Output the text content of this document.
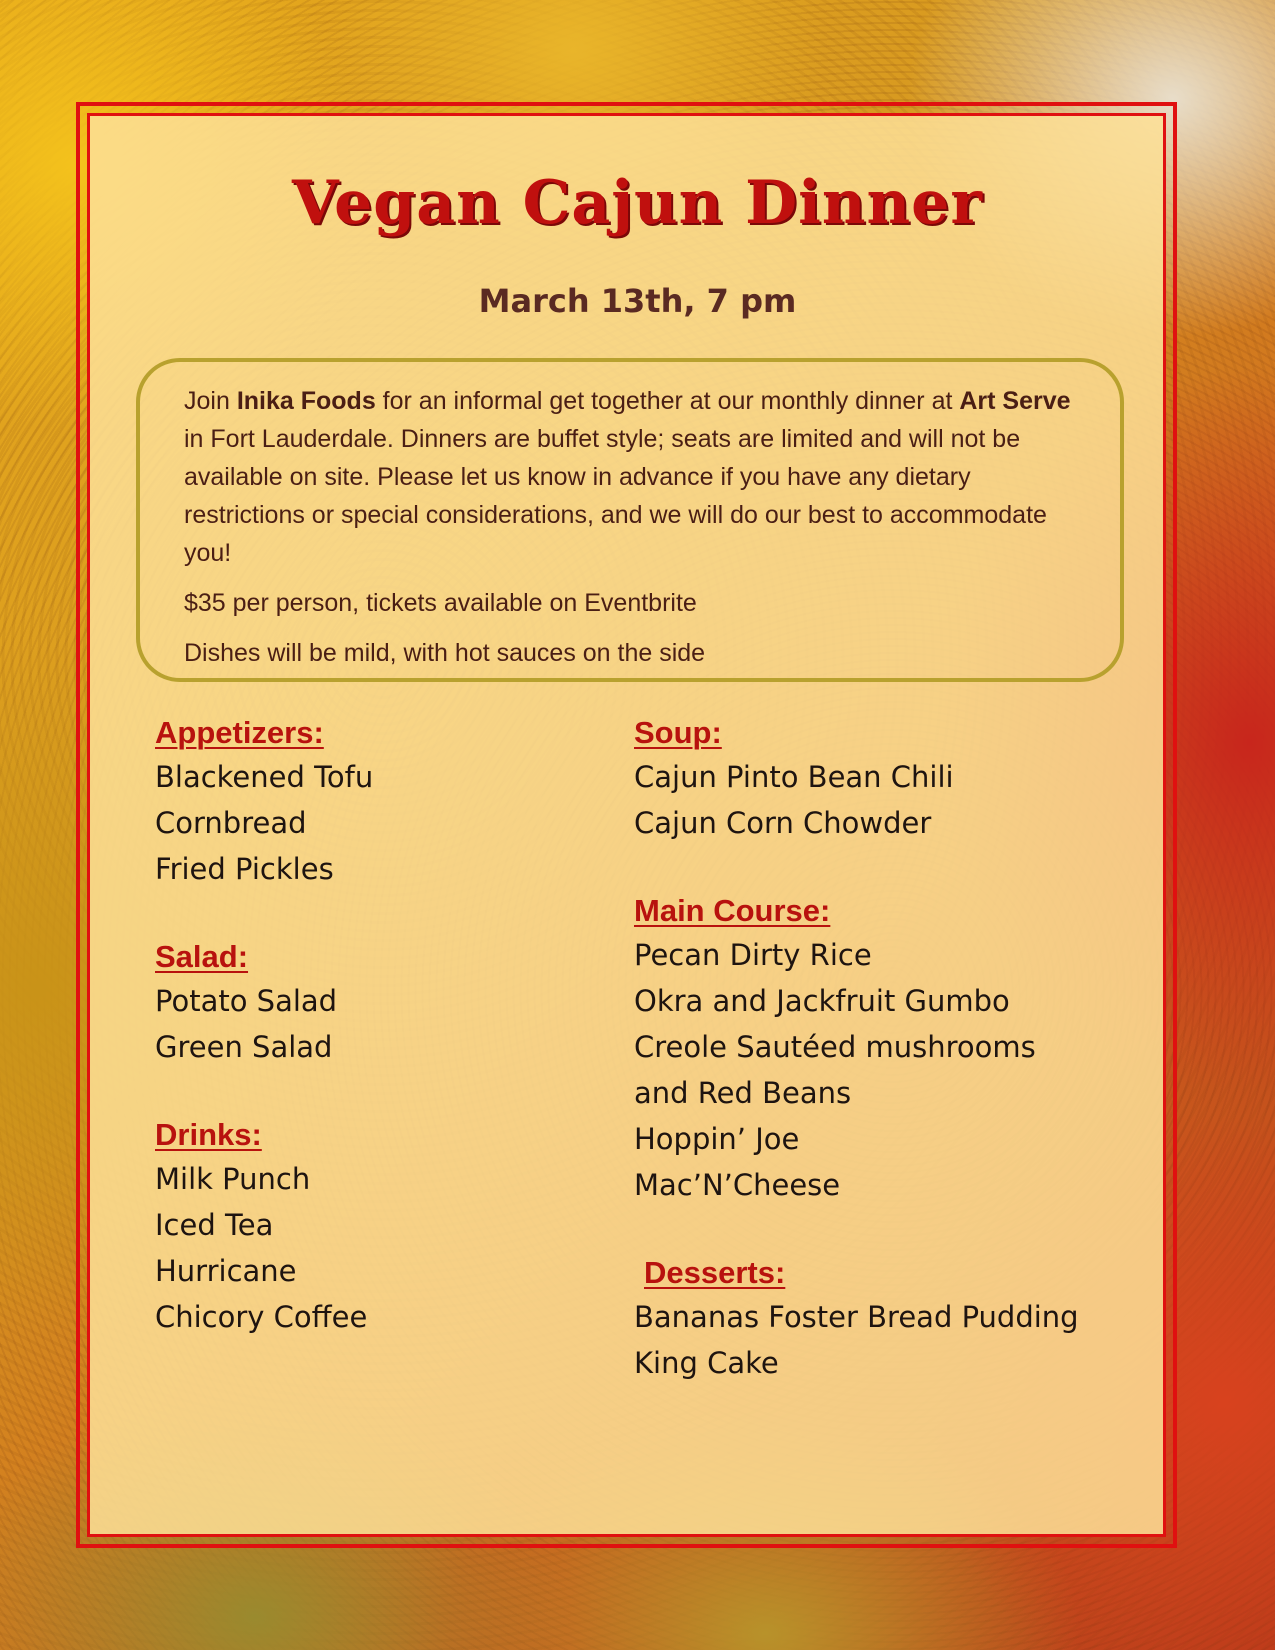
Vegan Cajun Dinner
March 13th, 7 pm

Join Inika Foods for an informal get together at our monthly dinner at Art Serve in Fort Lauderdale. Dinners are buffet style; seats are limited and will not be available on site. Please let us know in advance if you have any dietary restrictions or special considerations, and we will do our best to accommodate you!

$35 per person, tickets available on Eventbrite

Dishes will be mild, with hot sauces on the side

Appetizers:
Blackened Tofu
Cornbread
Fried Pickles
Salad:
Potato Salad
Green Salad
Drinks:
Milk Punch
Iced Tea
Hurricane
Chicory Coffee
Soup:
Cajun Pinto Bean Chili
Cajun Corn Chowder
Main Course:
Pecan Dirty Rice
Okra and Jackfruit Gumbo
Creole Sautéed mushrooms
and Red Beans
Hoppin’ Joe
Mac’N’Cheese
Desserts:
Bananas Foster Bread Pudding
King Cake
